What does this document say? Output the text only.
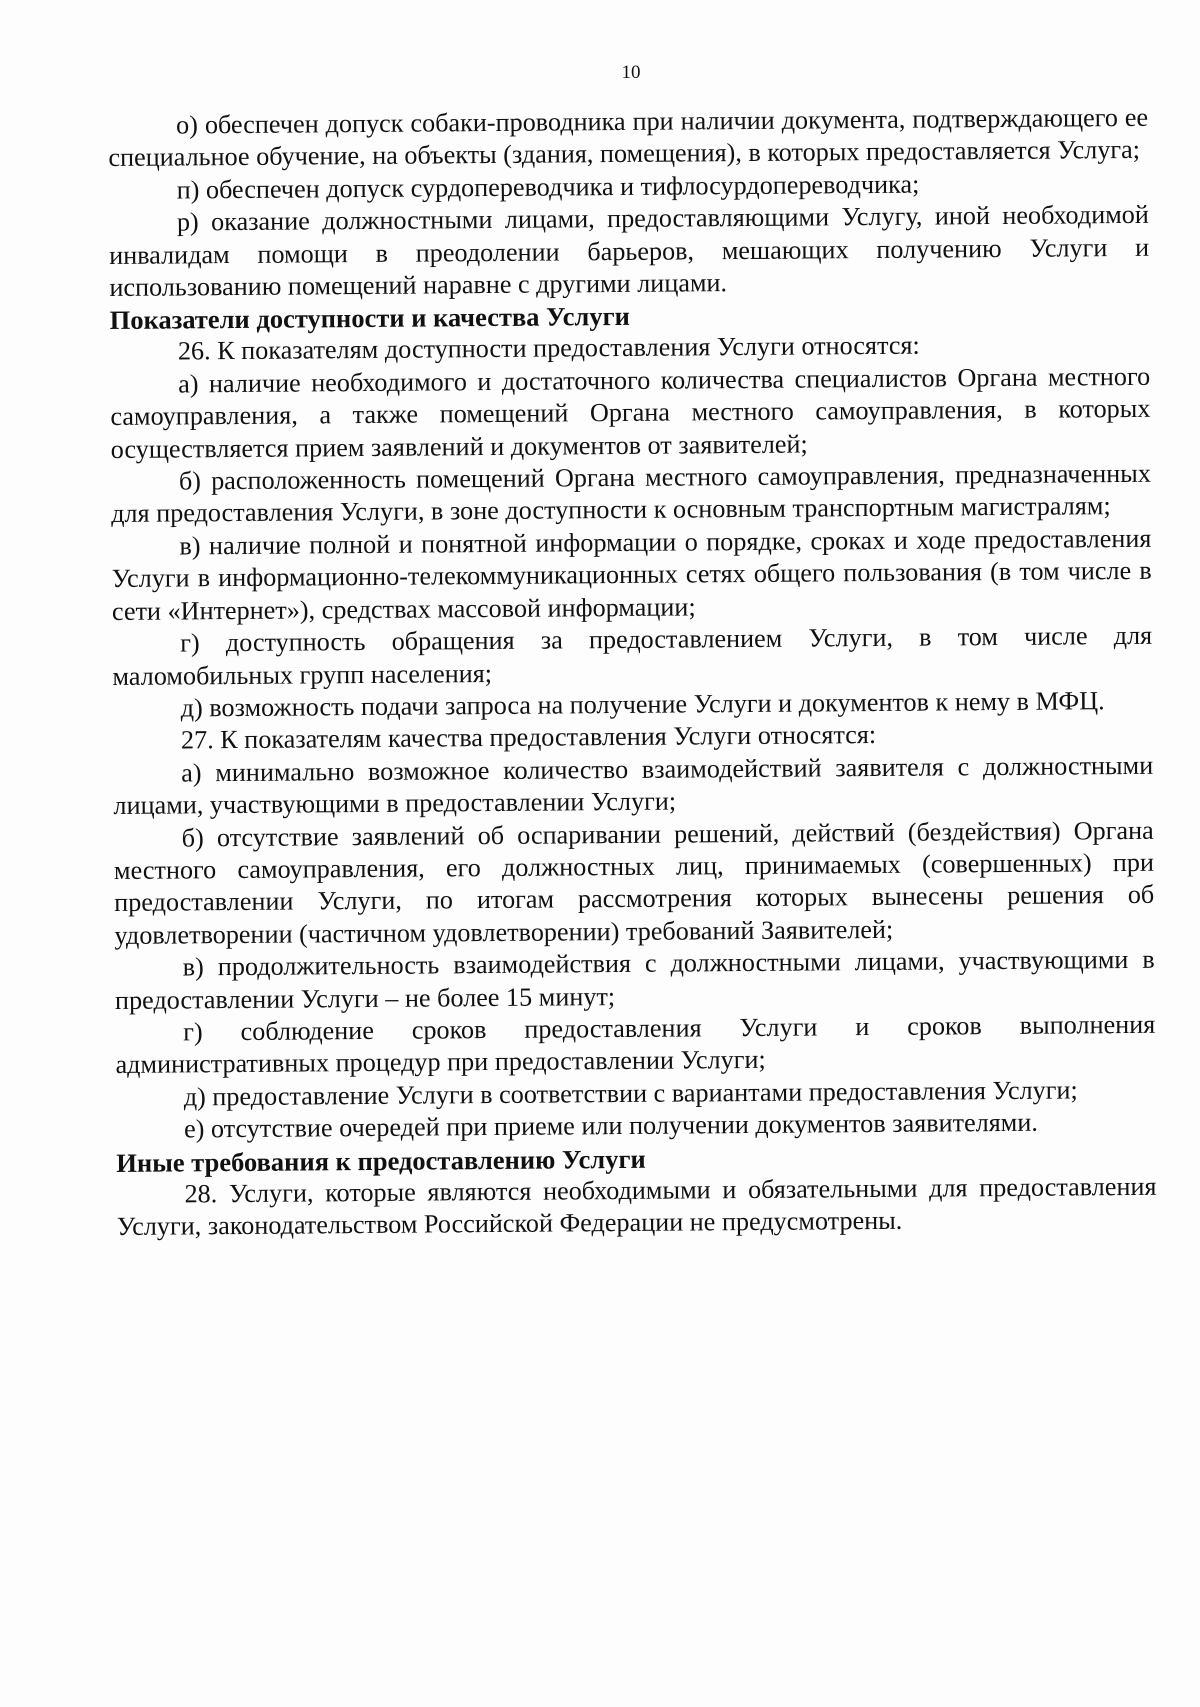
10

о) обеспечен допуск собаки-проводника при наличии документа, подтверждающего ее специальное обучение, на объекты (здания, помещения), в которых предоставляется Услуга;

п) обеспечен допуск сурдопереводчика и тифлосурдопереводчика;

р) оказание должностными лицами, предоставляющими Услугу, иной необходимой инвалидам помощи в преодолении барьеров, мешающих получению Услуги и использованию помещений наравне с другими лицами.

Показатели доступности и качества Услуги

26. К показателям доступности предоставления Услуги относятся:

а) наличие необходимого и достаточного количества специалистов Органа местного самоуправления, а также помещений Органа местного самоуправления, в которых осуществляется прием заявлений и документов от заявителей;

б) расположенность помещений Органа местного самоуправления, предназначенных для предоставления Услуги, в зоне доступности к основным транспортным магистралям;

в) наличие полной и понятной информации о порядке, сроках и ходе предоставления Услуги в информационно-телекоммуникационных сетях общего пользования (в том числе в сети «Интернет»), средствах массовой информации;

г) доступность обращения за предоставлением Услуги, в том числе для маломобильных групп населения;

д) возможность подачи запроса на получение Услуги и документов к нему в МФЦ.

27. К показателям качества предоставления Услуги относятся:

а) минимально возможное количество взаимодействий заявителя с должностными лицами, участвующими в предоставлении Услуги;

б) отсутствие заявлений об оспаривании решений, действий (бездействия) Органа местного самоуправления, его должностных лиц, принимаемых (совершенных) при предоставлении Услуги, по итогам рассмотрения которых вынесены решения об удовлетворении (частичном удовлетворении) требований Заявителей;

в) продолжительность взаимодействия с должностными лицами, участвующими в предоставлении Услуги – не более 15 минут;

г) соблюдение сроков предоставления Услуги и сроков выполнения административных процедур при предоставлении Услуги;

д) предоставление Услуги в соответствии с вариантами предоставления Услуги;

е) отсутствие очередей при приеме или получении документов заявителями.

Иные требования к предоставлению Услуги

28. Услуги, которые являются необходимыми и обязательными для предоставления Услуги, законодательством Российской Федерации не предусмотрены.
